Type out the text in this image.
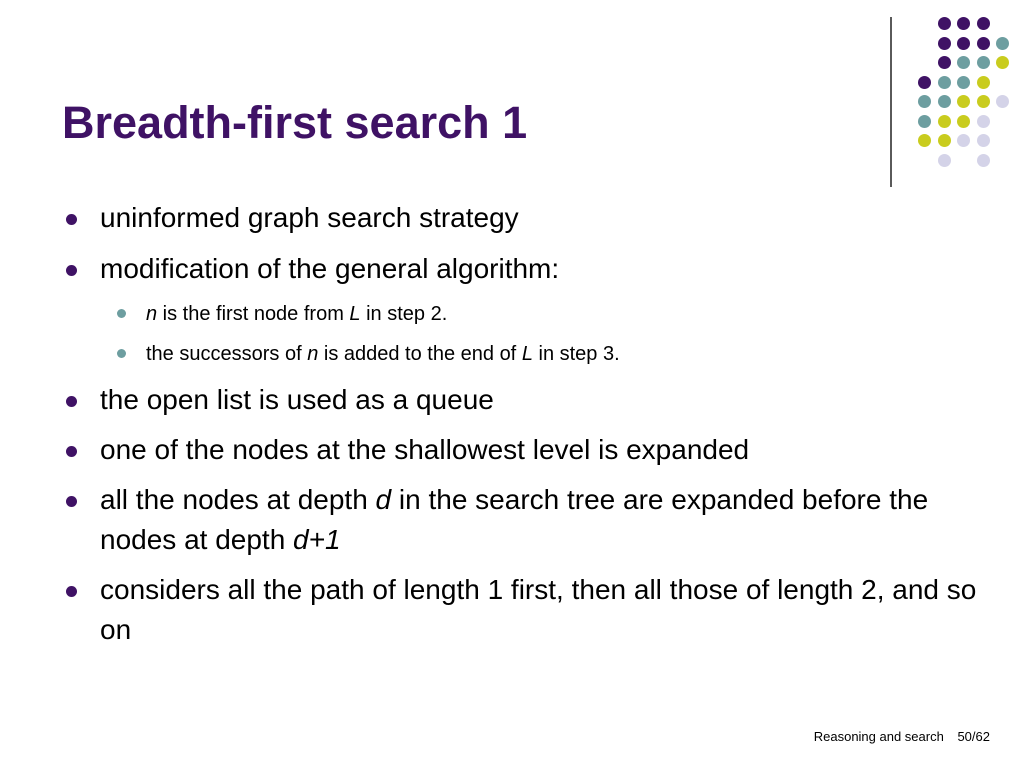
Breadth-first search 1
uninformed graph search strategy
modification of the general algorithm:
n is the first node from L in step 2.
the successors of n is added to the end of L in step 3.
the open list is used as a queue
one of the nodes at the shallowest level is expanded
all the nodes at depth d in the search tree are expanded before the nodes at depth d+1
considers all the path of length 1 first, then all those of length 2, and so on
Reasoning and search 50/62
